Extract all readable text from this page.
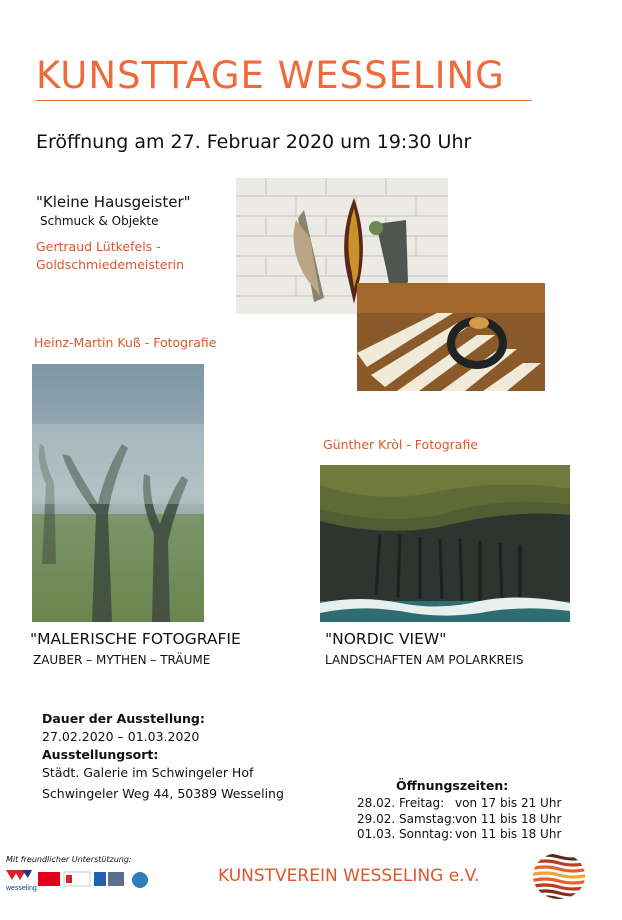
KUNSTTAGE WESSELING
Eröffnung am 27. Februar 2020 um 19:30 Uhr
"Kleine Hausgeister"
Schmuck & Objekte
Gertraud Lütkefels -
Goldschmiedemeisterin
Heinz-Martin Kuß - Fotografie
"MALERISCHE FOTOGRAFIE
ZAUBER – MYTHEN – TRÄUME
Günther Kròl - Fotografie
"NORDIC VIEW"
LANDSCHAFTEN AM POLARKREIS
Dauer der Ausstellung:
27.02.2020 – 01.03.2020
Ausstellungsort:
Städt. Galerie im Schwingeler Hof
Schwingeler Weg 44, 50389 Wesseling
Öffnungszeiten:
28.02. Freitag: von 17 bis 21 Uhr
29.02. Samstag: von 11 bis 18 Uhr
01.03. Sonntag: von 11 bis 18 Uhr
Mit freundlicher Unterstützung:
wesseling
KUNSTVEREIN WESSELING e.V.
